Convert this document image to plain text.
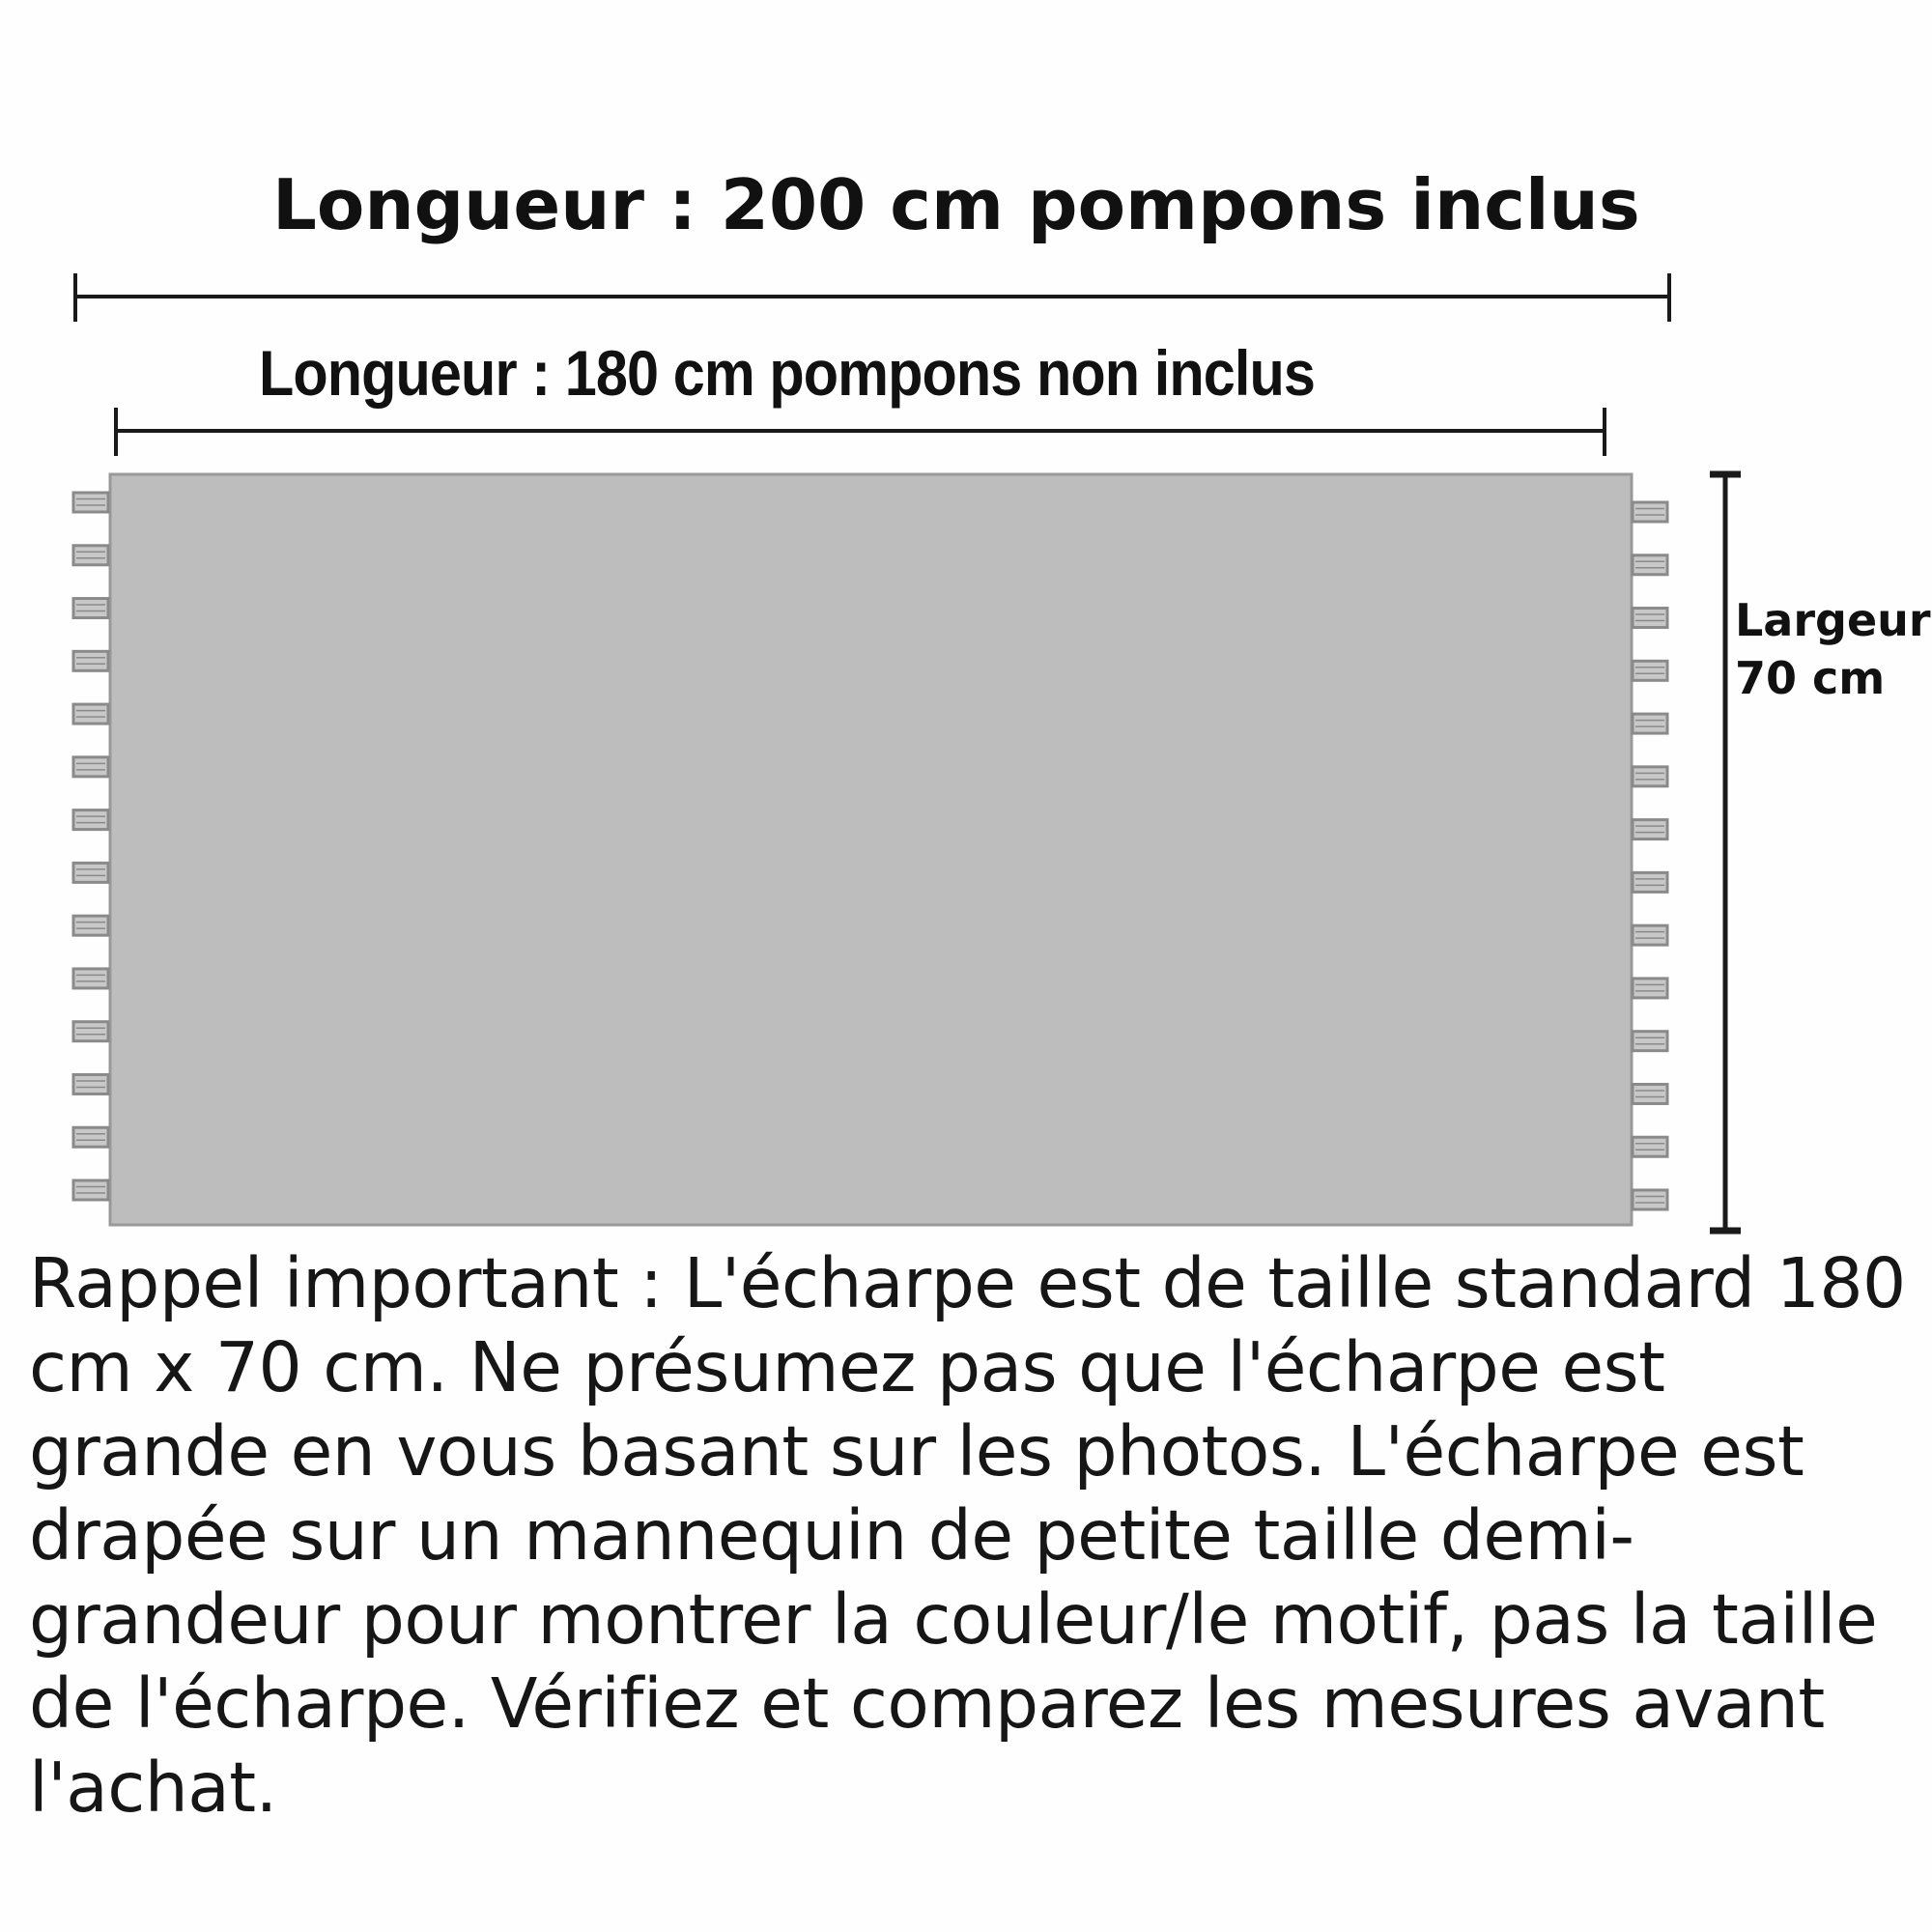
Longueur : 200 cm pompons inclus
Longueur : 180 cm pompons non inclus
Largeur
70 cm

Rappel important : L'écharpe est de taille standard 180 cm x 70 cm. Ne présumez pas que l'écharpe est grande en vous basant sur les photos. L'écharpe est drapée sur un mannequin de petite taille demi-grandeur pour montrer la couleur/le motif, pas la taille de l'écharpe. Vérifiez et comparez les mesures avant l'achat.
